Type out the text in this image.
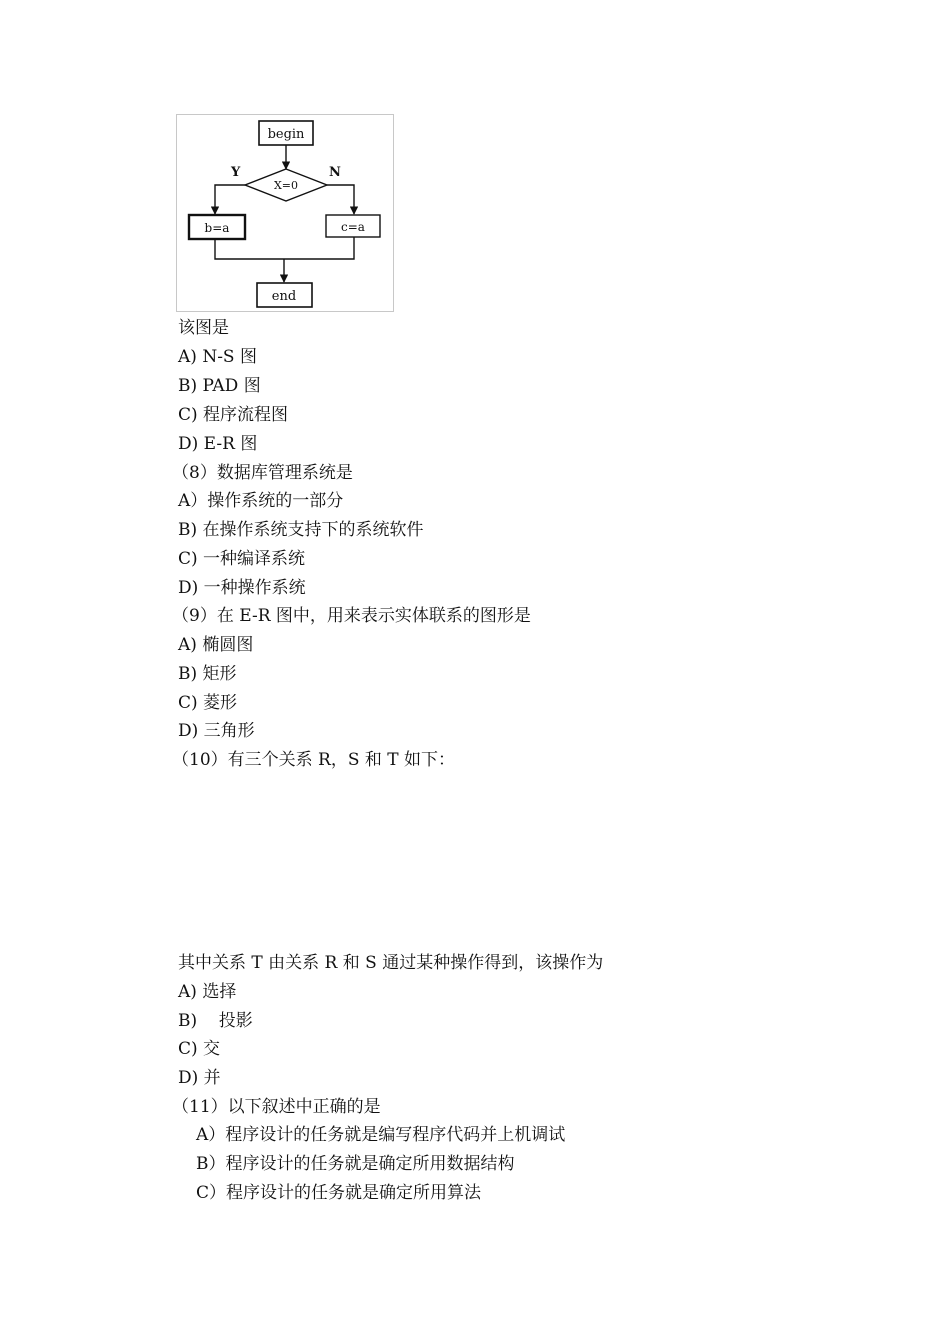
begin
X=0
Y	N
b=a	c=a
end
该图是
A) N-S 图
B) PAD 图
C) 程序流程图
D) E-R 图
（8）数据库管理系统是
A）操作系统的一部分
B) 在操作系统支持下的系统软件
C) 一种编译系统
D) 一种操作系统
（9）在 E-R 图中，用来表示实体联系的图形是
A) 椭圆图
B) 矩形
C) 菱形
D) 三角形
（10）有三个关系 R，S 和 T 如下：
其中关系 T 由关系 R 和 S 通过某种操作得到，该操作为
A) 选择
B)    投影
C) 交
D) 并
（11）以下叙述中正确的是
A）程序设计的任务就是编写程序代码并上机调试
B）程序设计的任务就是确定所用数据结构
C）程序设计的任务就是确定所用算法
